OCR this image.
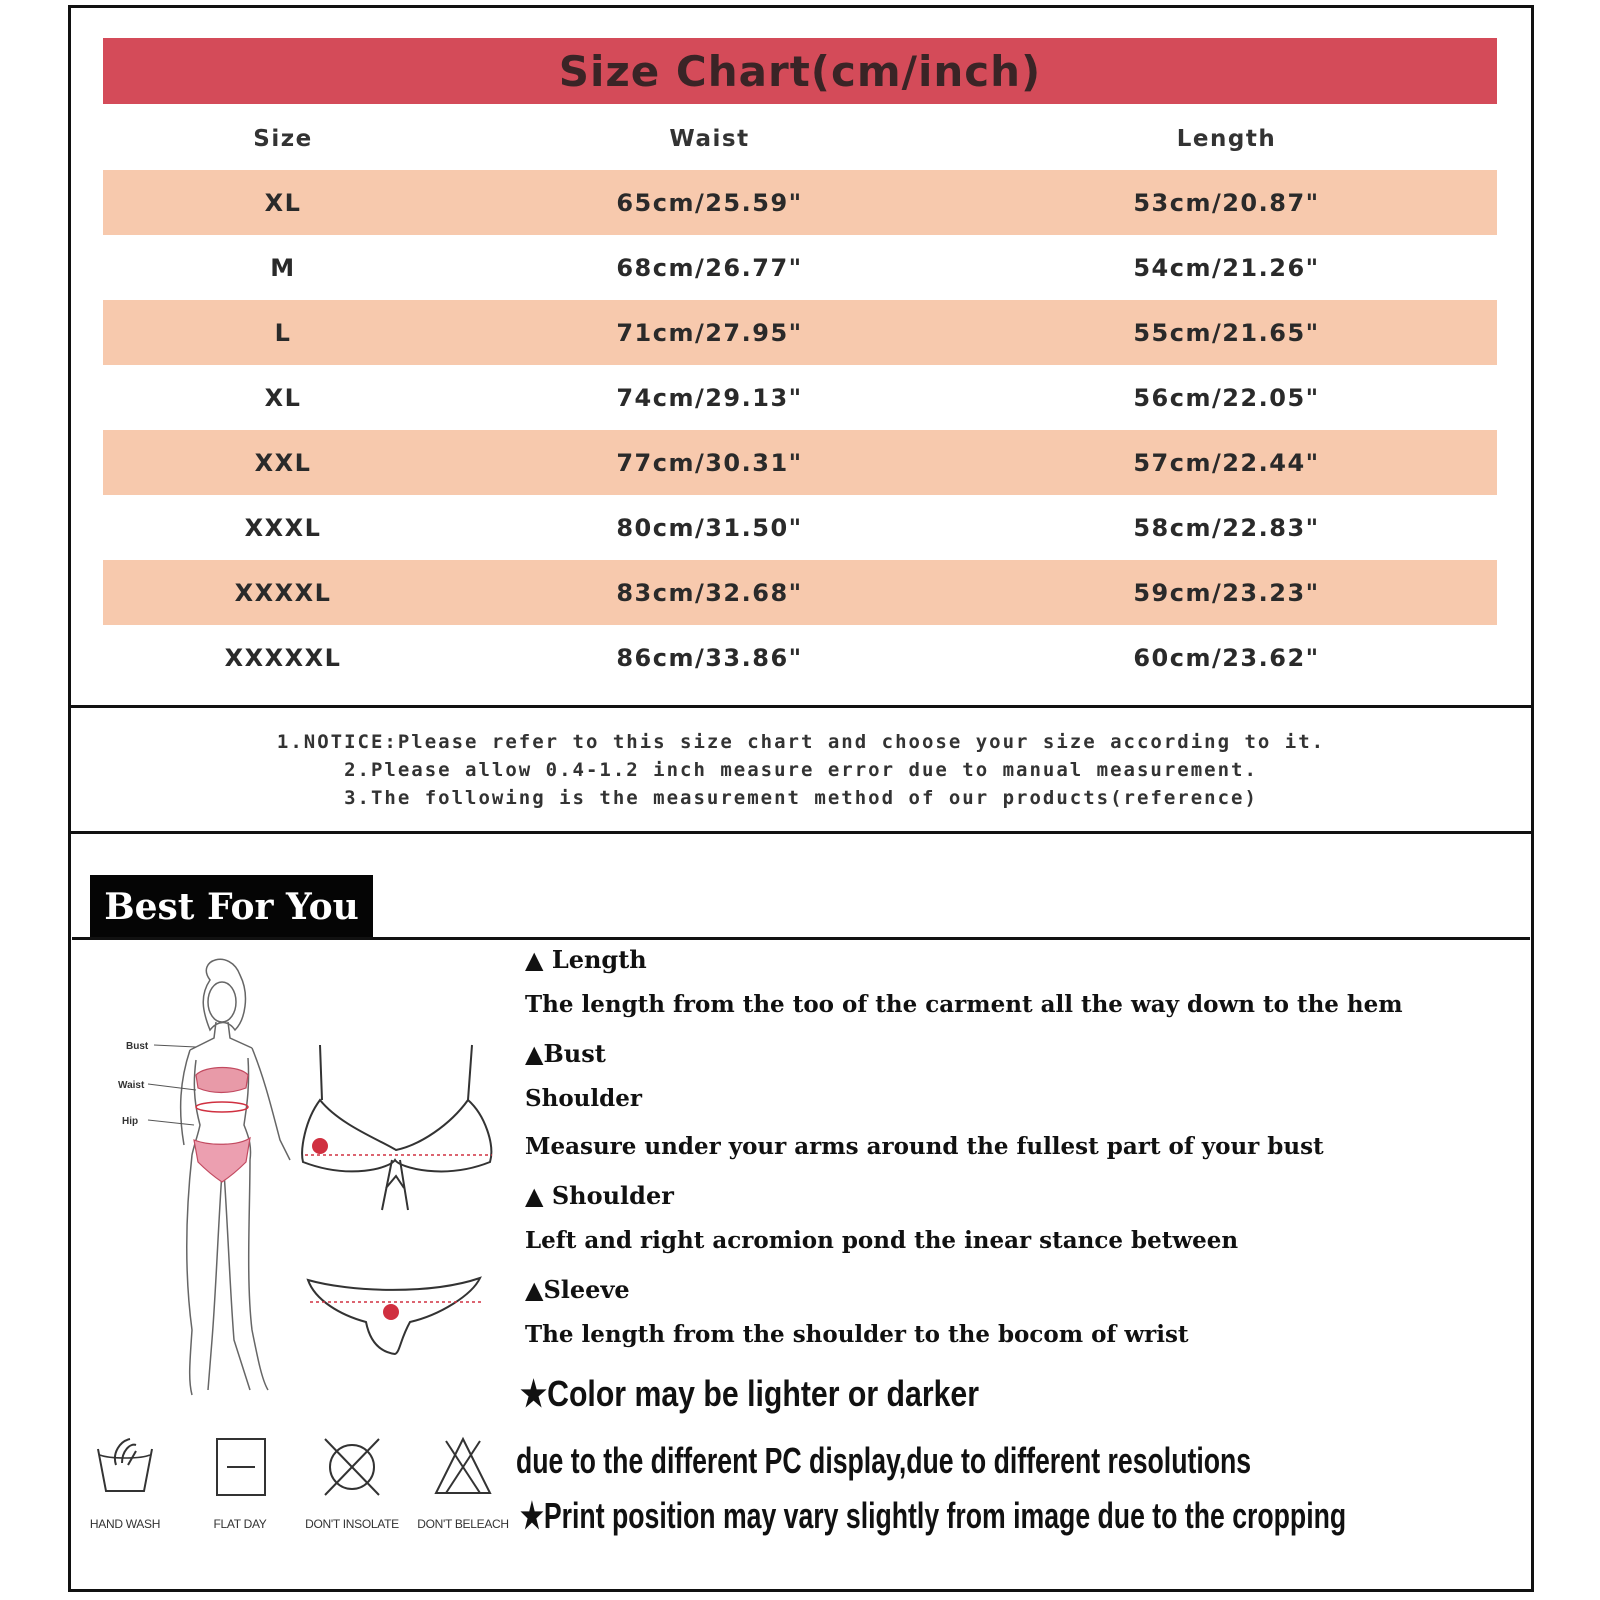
Size Chart(cm/inch)
Size	Waist	Length
XL	65cm/25.59"	53cm/20.87"
M	68cm/26.77"	54cm/21.26"
L	71cm/27.95"	55cm/21.65"
XL	74cm/29.13"	56cm/22.05"
XXL	77cm/30.31"	57cm/22.44"
XXXL	80cm/31.50"	58cm/22.83"
XXXXL	83cm/32.68"	59cm/23.23"
XXXXXL	86cm/33.86"	60cm/23.62"
1.NOTICE:Please refer to this size chart and choose your size according to it.
2.Please allow 0.4-1.2 inch measure error due to manual measurement.
3.The following is the measurement method of our products(reference)
Best For You
Bust
Waist
Hip
HAND WASH	FLAT DAY	DON'T INSOLATE	DON'T BELEACH
▲ Length
The length from the too of the carment all the way down to the hem
▲Bust
Shoulder
Measure under your arms around the fullest part of your bust
▲ Shoulder
Left and right acromion pond the inear stance between
▲Sleeve
The length from the shoulder to the bocom of wrist
★Color may be lighter or darker
due to the different PC display,due to different resolutions
★Print position may vary slightly from image due to the cropping
